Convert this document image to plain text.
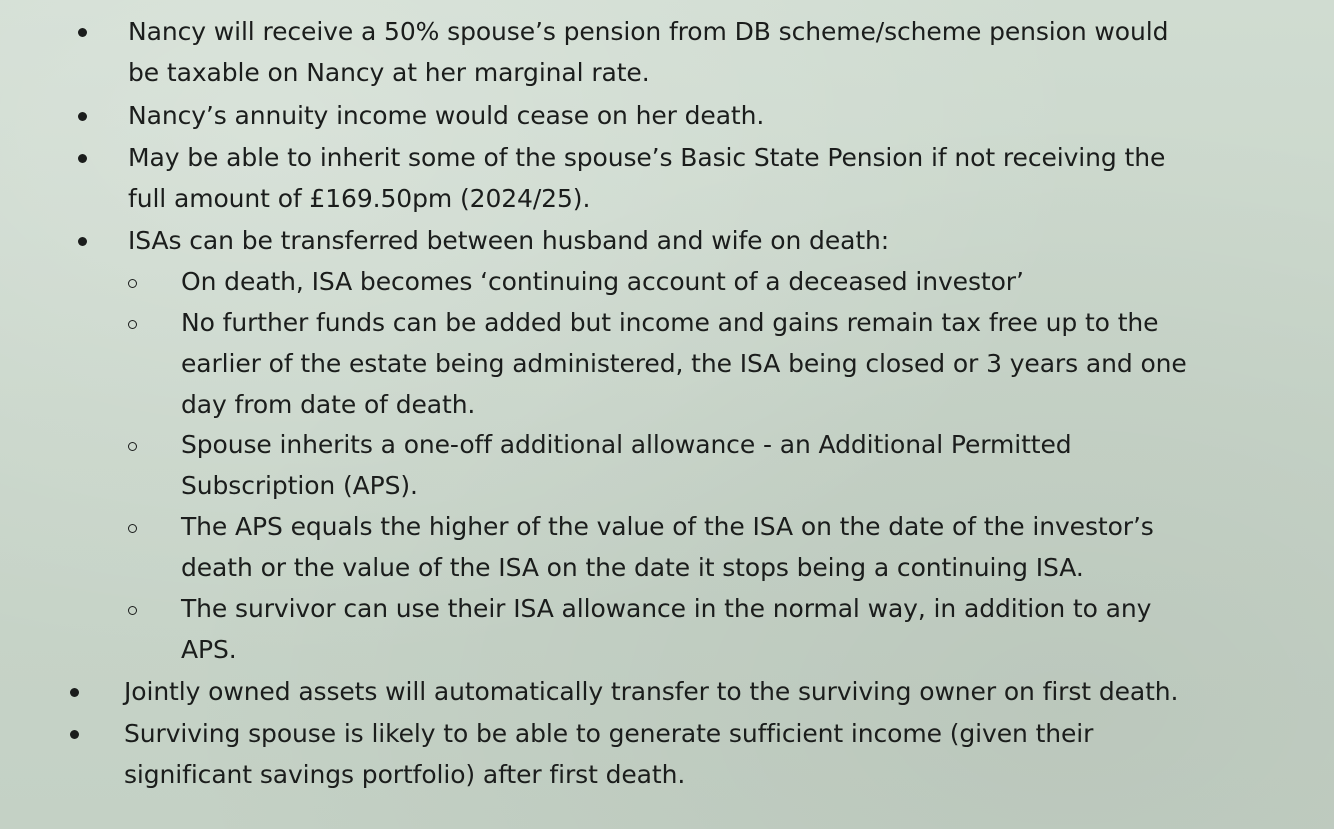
Nancy will receive a 50% spouse’s pension from DB scheme/scheme pension would
be taxable on Nancy at her marginal rate.
Nancy’s annuity income would cease on her death.
May be able to inherit some of the spouse’s Basic State Pension if not receiving the
full amount of £169.50pm (2024/25).
ISAs can be transferred between husband and wife on death:
On death, ISA becomes ‘continuing account of a deceased investor’
No further funds can be added but income and gains remain tax free up to the
earlier of the estate being administered, the ISA being closed or 3 years and one
day from date of death.
Spouse inherits a one-off additional allowance - an Additional Permitted
Subscription (APS).
The APS equals the higher of the value of the ISA on the date of the investor’s
death or the value of the ISA on the date it stops being a continuing ISA.
The survivor can use their ISA allowance in the normal way, in addition to any
APS.
Jointly owned assets will automatically transfer to the surviving owner on first death.
Surviving spouse is likely to be able to generate sufficient income (given their
significant savings portfolio) after first death.
